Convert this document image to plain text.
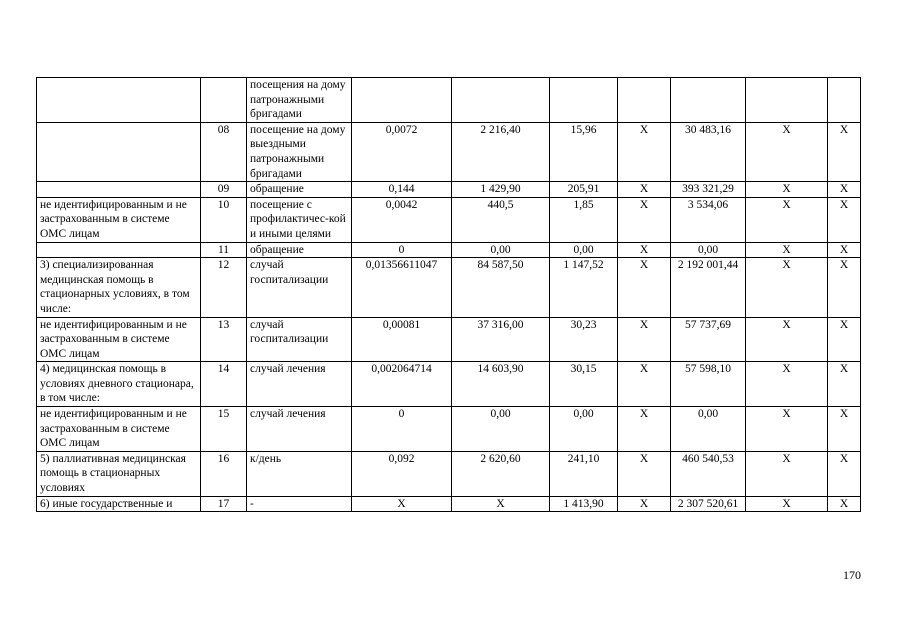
		посещения на дому патронажными бригадами							
	08	посещение на дому выездными патронажными бригадами	0,0072	2 216,40	15,96	Х	30 483,16	Х	Х
	09	обращение	0,144	1 429,90	205,91	Х	393 321,29	Х	Х
не идентифицированным и не застрахованным в системе ОМС лицам	10	посещение с профилактичес-кой и иными целями	0,0042	440,5	1,85	Х	3 534,06	Х	Х
	11	обращение	0	0,00	0,00	Х	0,00	Х	Х
3) специализированная медицинская помощь в стационарных условиях, в том числе:	12	случай госпитализации	0,01356611047	84 587,50	1 147,52	Х	2 192 001,44	Х	Х
не идентифицированным и не застрахованным в системе ОМС лицам	13	случай госпитализации	0,00081	37 316,00	30,23	Х	57 737,69	Х	Х
4) медицинская помощь в условиях дневного стационара, в том числе:	14	случай лечения	0,002064714	14 603,90	30,15	Х	57 598,10	Х	Х
не идентифицированным и не застрахованным в системе ОМС лицам	15	случай лечения	0	0,00	0,00	Х	0,00	Х	Х
5) паллиативная медицинская помощь в стационарных условиях	16	к/день	0,092	2 620,60	241,10	Х	460 540,53	Х	Х
6) иные государственные и	17	-	Х	Х	1 413,90	Х	2 307 520,61	Х	Х
170
